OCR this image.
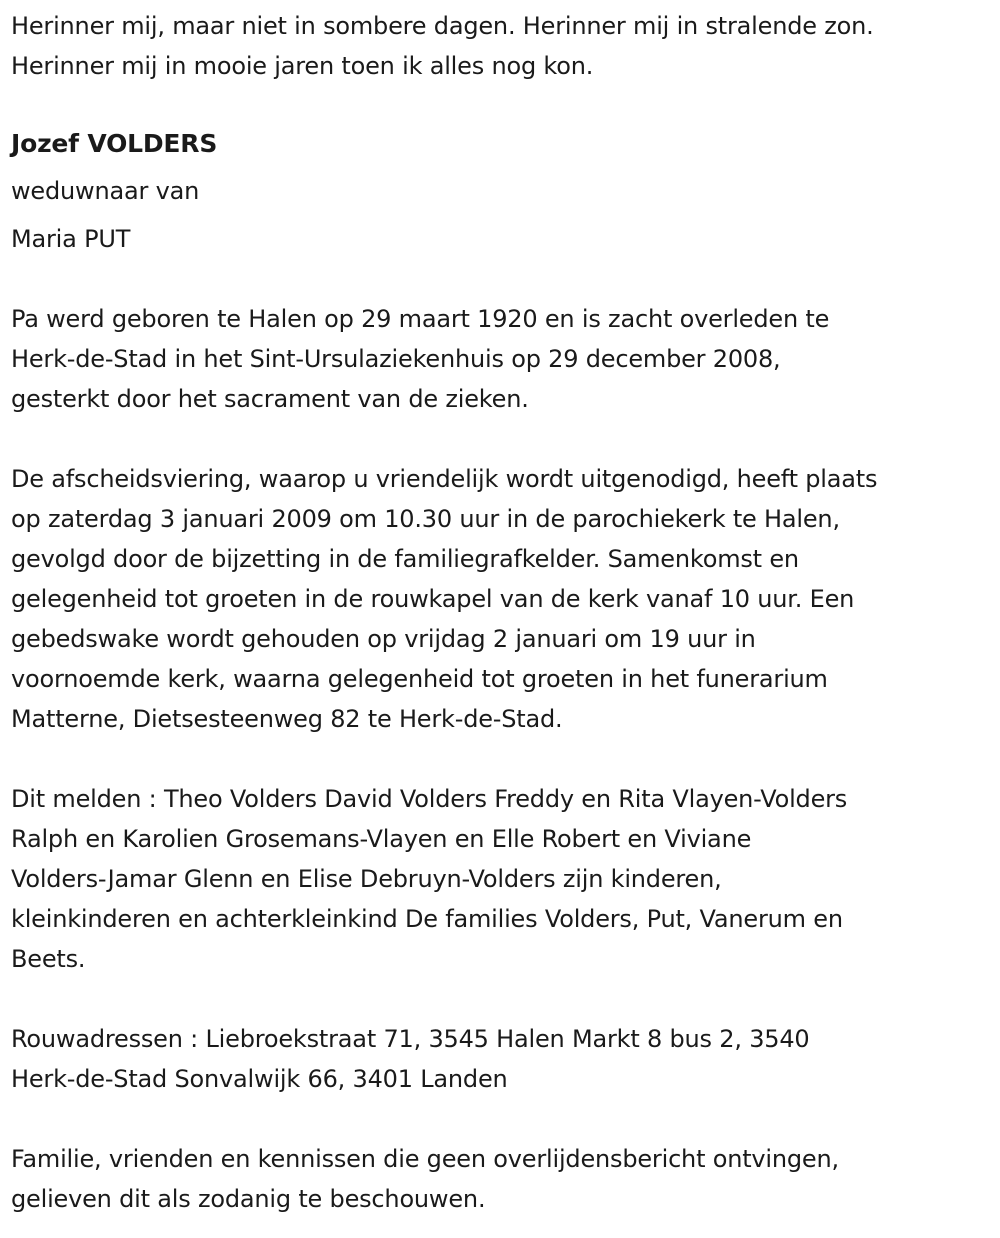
Herinner mij, maar niet in sombere dagen. Herinner mij in stralende zon.
Herinner mij in mooie jaren toen ik alles nog kon.
Jozef VOLDERS
weduwnaar van
Maria PUT
Pa werd geboren te Halen op 29 maart 1920 en is zacht overleden te
Herk-de-Stad in het Sint-Ursulaziekenhuis op 29 december 2008,
gesterkt door het sacrament van de zieken.
De afscheidsviering, waarop u vriendelijk wordt uitgenodigd, heeft plaats
op zaterdag 3 januari 2009 om 10.30 uur in de parochiekerk te Halen,
gevolgd door de bijzetting in de familiegrafkelder. Samenkomst en
gelegenheid tot groeten in de rouwkapel van de kerk vanaf 10 uur. Een
gebedswake wordt gehouden op vrijdag 2 januari om 19 uur in
voornoemde kerk, waarna gelegenheid tot groeten in het funerarium
Matterne, Dietsesteenweg 82 te Herk-de-Stad.
Dit melden : Theo Volders David Volders Freddy en Rita Vlayen-Volders
Ralph en Karolien Grosemans-Vlayen en Elle Robert en Viviane
Volders-Jamar Glenn en Elise Debruyn-Volders zijn kinderen,
kleinkinderen en achterkleinkind De families Volders, Put, Vanerum en
Beets.
Rouwadressen : Liebroekstraat 71, 3545 Halen Markt 8 bus 2, 3540
Herk-de-Stad Sonvalwijk 66, 3401 Landen
Familie, vrienden en kennissen die geen overlijdensbericht ontvingen,
gelieven dit als zodanig te beschouwen.
